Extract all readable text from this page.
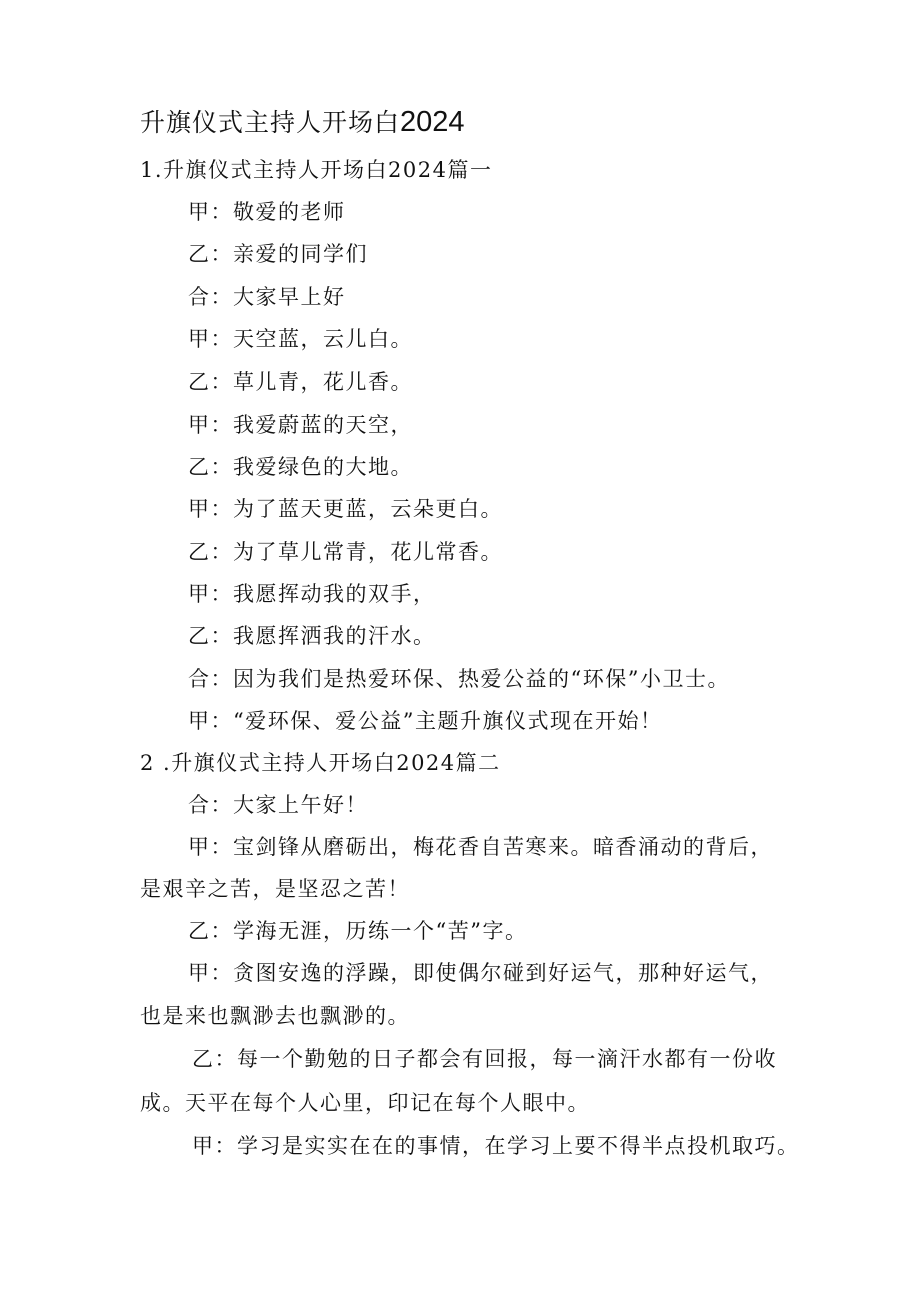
升旗仪式主持人开场白2024
1.升旗仪式主持人开场白2024篇一
甲：敬爱的老师
乙：亲爱的同学们
合：大家早上好
甲：天空蓝，云儿白。
乙：草儿青，花儿香。
甲：我爱蔚蓝的天空，
乙：我爱绿色的大地。
甲：为了蓝天更蓝，云朵更白。
乙：为了草儿常青，花儿常香。
甲：我愿挥动我的双手，
乙：我愿挥洒我的汗水。
合：因为我们是热爱环保、热爱公益的“环保”小卫士。
甲：“爱环保、爱公益”主题升旗仪式现在开始！
2 .升旗仪式主持人开场白2024篇二
合：大家上午好！
甲：宝剑锋从磨砺出，梅花香自苦寒来。暗香涌动的背后，
是艰辛之苦，是坚忍之苦！
乙：学海无涯，历练一个“苦”字。
甲：贪图安逸的浮躁，即使偶尔碰到好运气，那种好运气，
也是来也飘渺去也飘渺的。
乙：每一个勤勉的日子都会有回报，每一滴汗水都有一份收
成。天平在每个人心里，印记在每个人眼中。
甲：学习是实实在在的事情，在学习上要不得半点投机取巧。
